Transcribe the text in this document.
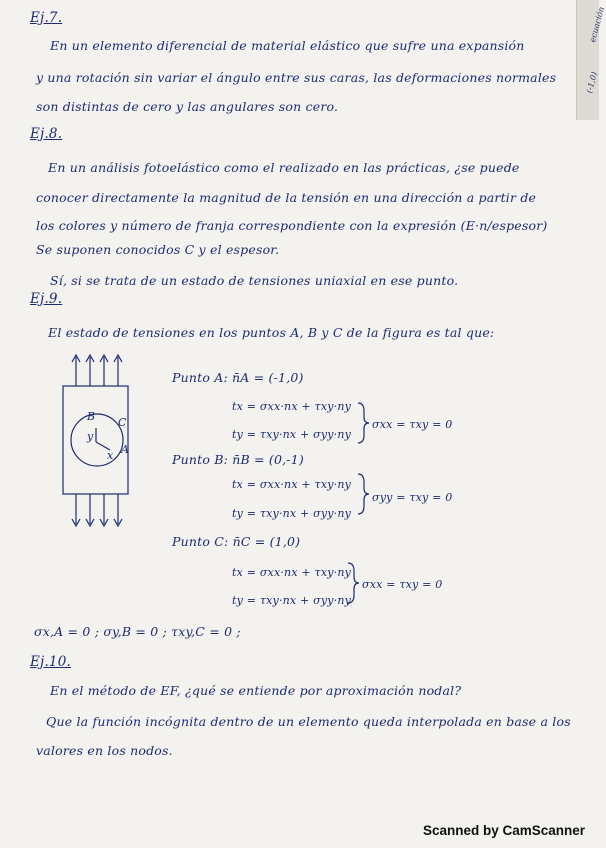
ecuación
(-1,0)
Ej.7.
En un elemento diferencial de material elástico que sufre una expansión
y una rotación sin variar el ángulo entre sus caras, las deformaciones normales
son distintas de cero y las angulares son cero.
Ej.8.
En un análisis fotoelástico como el realizado en las prácticas, ¿se puede
conocer directamente la magnitud de la tensión en una dirección a partir de
los colores y número de franja correspondiente con la expresión (E·n/espesor)
Se suponen conocidos C y el espesor.
Sí, si se trata de un estado de tensiones uniaxial en ese punto.
Ej.9.
El estado de tensiones en los puntos A, B y C de la figura es tal que:
B C
A
y
x
Punto A: n̄A = (-1,0)
tx = σxx·nx + τxy·ny
ty = τxy·nx + σyy·ny
σxx = τxy = 0
Punto B: n̄B = (0,-1)
tx = σxx·nx + τxy·ny
ty = τxy·nx + σyy·ny
σyy = τxy = 0
Punto C: n̄C = (1,0)
tx = σxx·nx + τxy·ny
ty = τxy·nx + σyy·ny
σxx = τxy = 0
σx,A = 0 ; σy,B = 0 ; τxy,C = 0 ;
Ej.10.
En el método de EF, ¿qué se entiende por aproximación nodal?
Que la función incógnita dentro de un elemento queda interpolada en base a los
valores en los nodos.
Scanned by CamScanner
